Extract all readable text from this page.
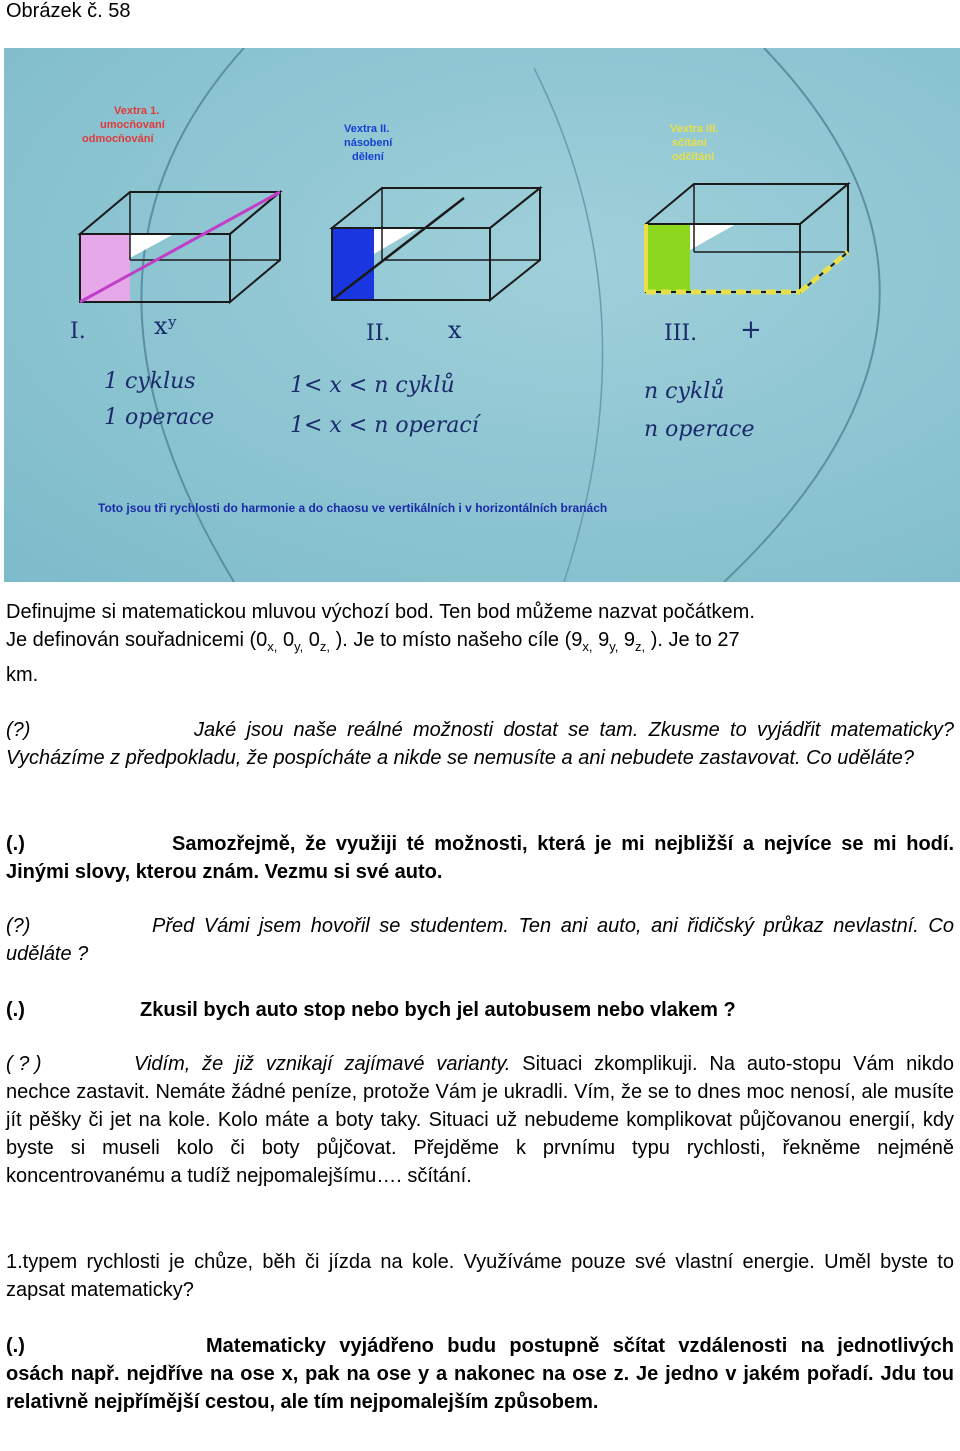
Obrázek č. 58
Vextra 1.
umocňovaní
odmocňování
I.	xʸ
1 cyklus
1 operace
Vextra II.
násobení
dělení
II. x
1< x < n cyklů
1< x < n operací
Vextra III.
sčítání
odčítání
III. +
n cyklů
n operace
Toto jsou tři rychlosti do harmonie a do chaosu ve vertikálních i v horizontálních branách

Definujme si matematickou mluvou výchozí bod. Ten bod můžeme nazvat počátkem.
Je definován souřadnicemi ($0_{x,}$ $0_{y,}$ $0_{z,}$ ). Je to místo našeho cíle ($9_{x,}$ $9_{y,}$ $9_{z,}$ ). Je to 27
km.

(?)	Jaké jsou naše reálné možnosti dostat se tam. Zkusme to vyjádřit matematicky? Vycházíme z předpokladu, že pospícháte a nikde se nemusíte a ani nebudete zastavovat. Co uděláte?

(.)	Samozřejmě, že využiji té možnosti, která je mi nejbližší a nejvíce se mi hodí. Jinými slovy, kterou znám. Vezmu si své auto.

(?)	Před Vámi jsem hovořil se studentem. Ten ani auto, ani řidičský průkaz nevlastní. Co uděláte ?

(.)	Zkusil bych auto stop nebo bych jel autobusem nebo vlakem ?

( ? )	Vidím, že již vznikají zajímavé varianty. Situaci zkomplikuji. Na auto-stopu Vám nikdo nechce zastavit. Nemáte žádné peníze, protože Vám je ukradli. Vím, že se to dnes moc nenosí, ale musíte jít pěšky či jet na kole. Kolo máte a boty taky. Situaci už nebudeme komplikovat půjčovanou energií, kdy byste si museli kolo či boty půjčovat. Přejděme k prvnímu typu rychlosti, řekněme nejméně koncentrovanému a tudíž nejpomalejšímu…. sčítání.

1.typem rychlosti je chůze, běh či jízda na kole. Využíváme pouze své vlastní energie. Uměl byste to zapsat matematicky?

(.)	Matematicky vyjádřeno budu postupně sčítat vzdálenosti na jednotlivých osách např. nejdříve na ose x, pak na ose y a nakonec na ose z. Je jedno v jakém pořadí. Jdu tou relativně nejpřímější cestou, ale tím nejpomalejším způsobem.
